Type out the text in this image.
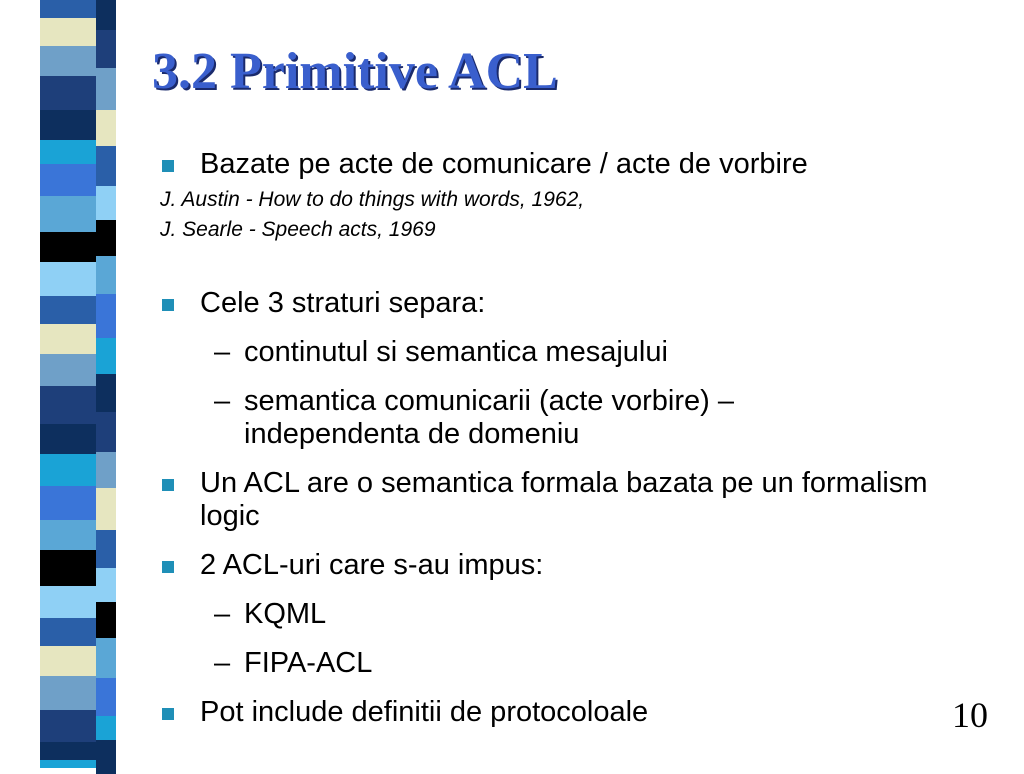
3.2 Primitive ACL
Bazate pe acte de comunicare / acte de vorbire
J. Austin - How to do things with words, 1962,
J. Searle - Speech acts, 1969
Cele 3 straturi separa:
– continutul si semantica mesajului
– semantica comunicarii (acte vorbire) – independenta de domeniu
Un ACL are o semantica formala bazata pe un formalism logic
2 ACL-uri care s-au impus:
– KQML
– FIPA-ACL
Pot include definitii de protocoloale	10
